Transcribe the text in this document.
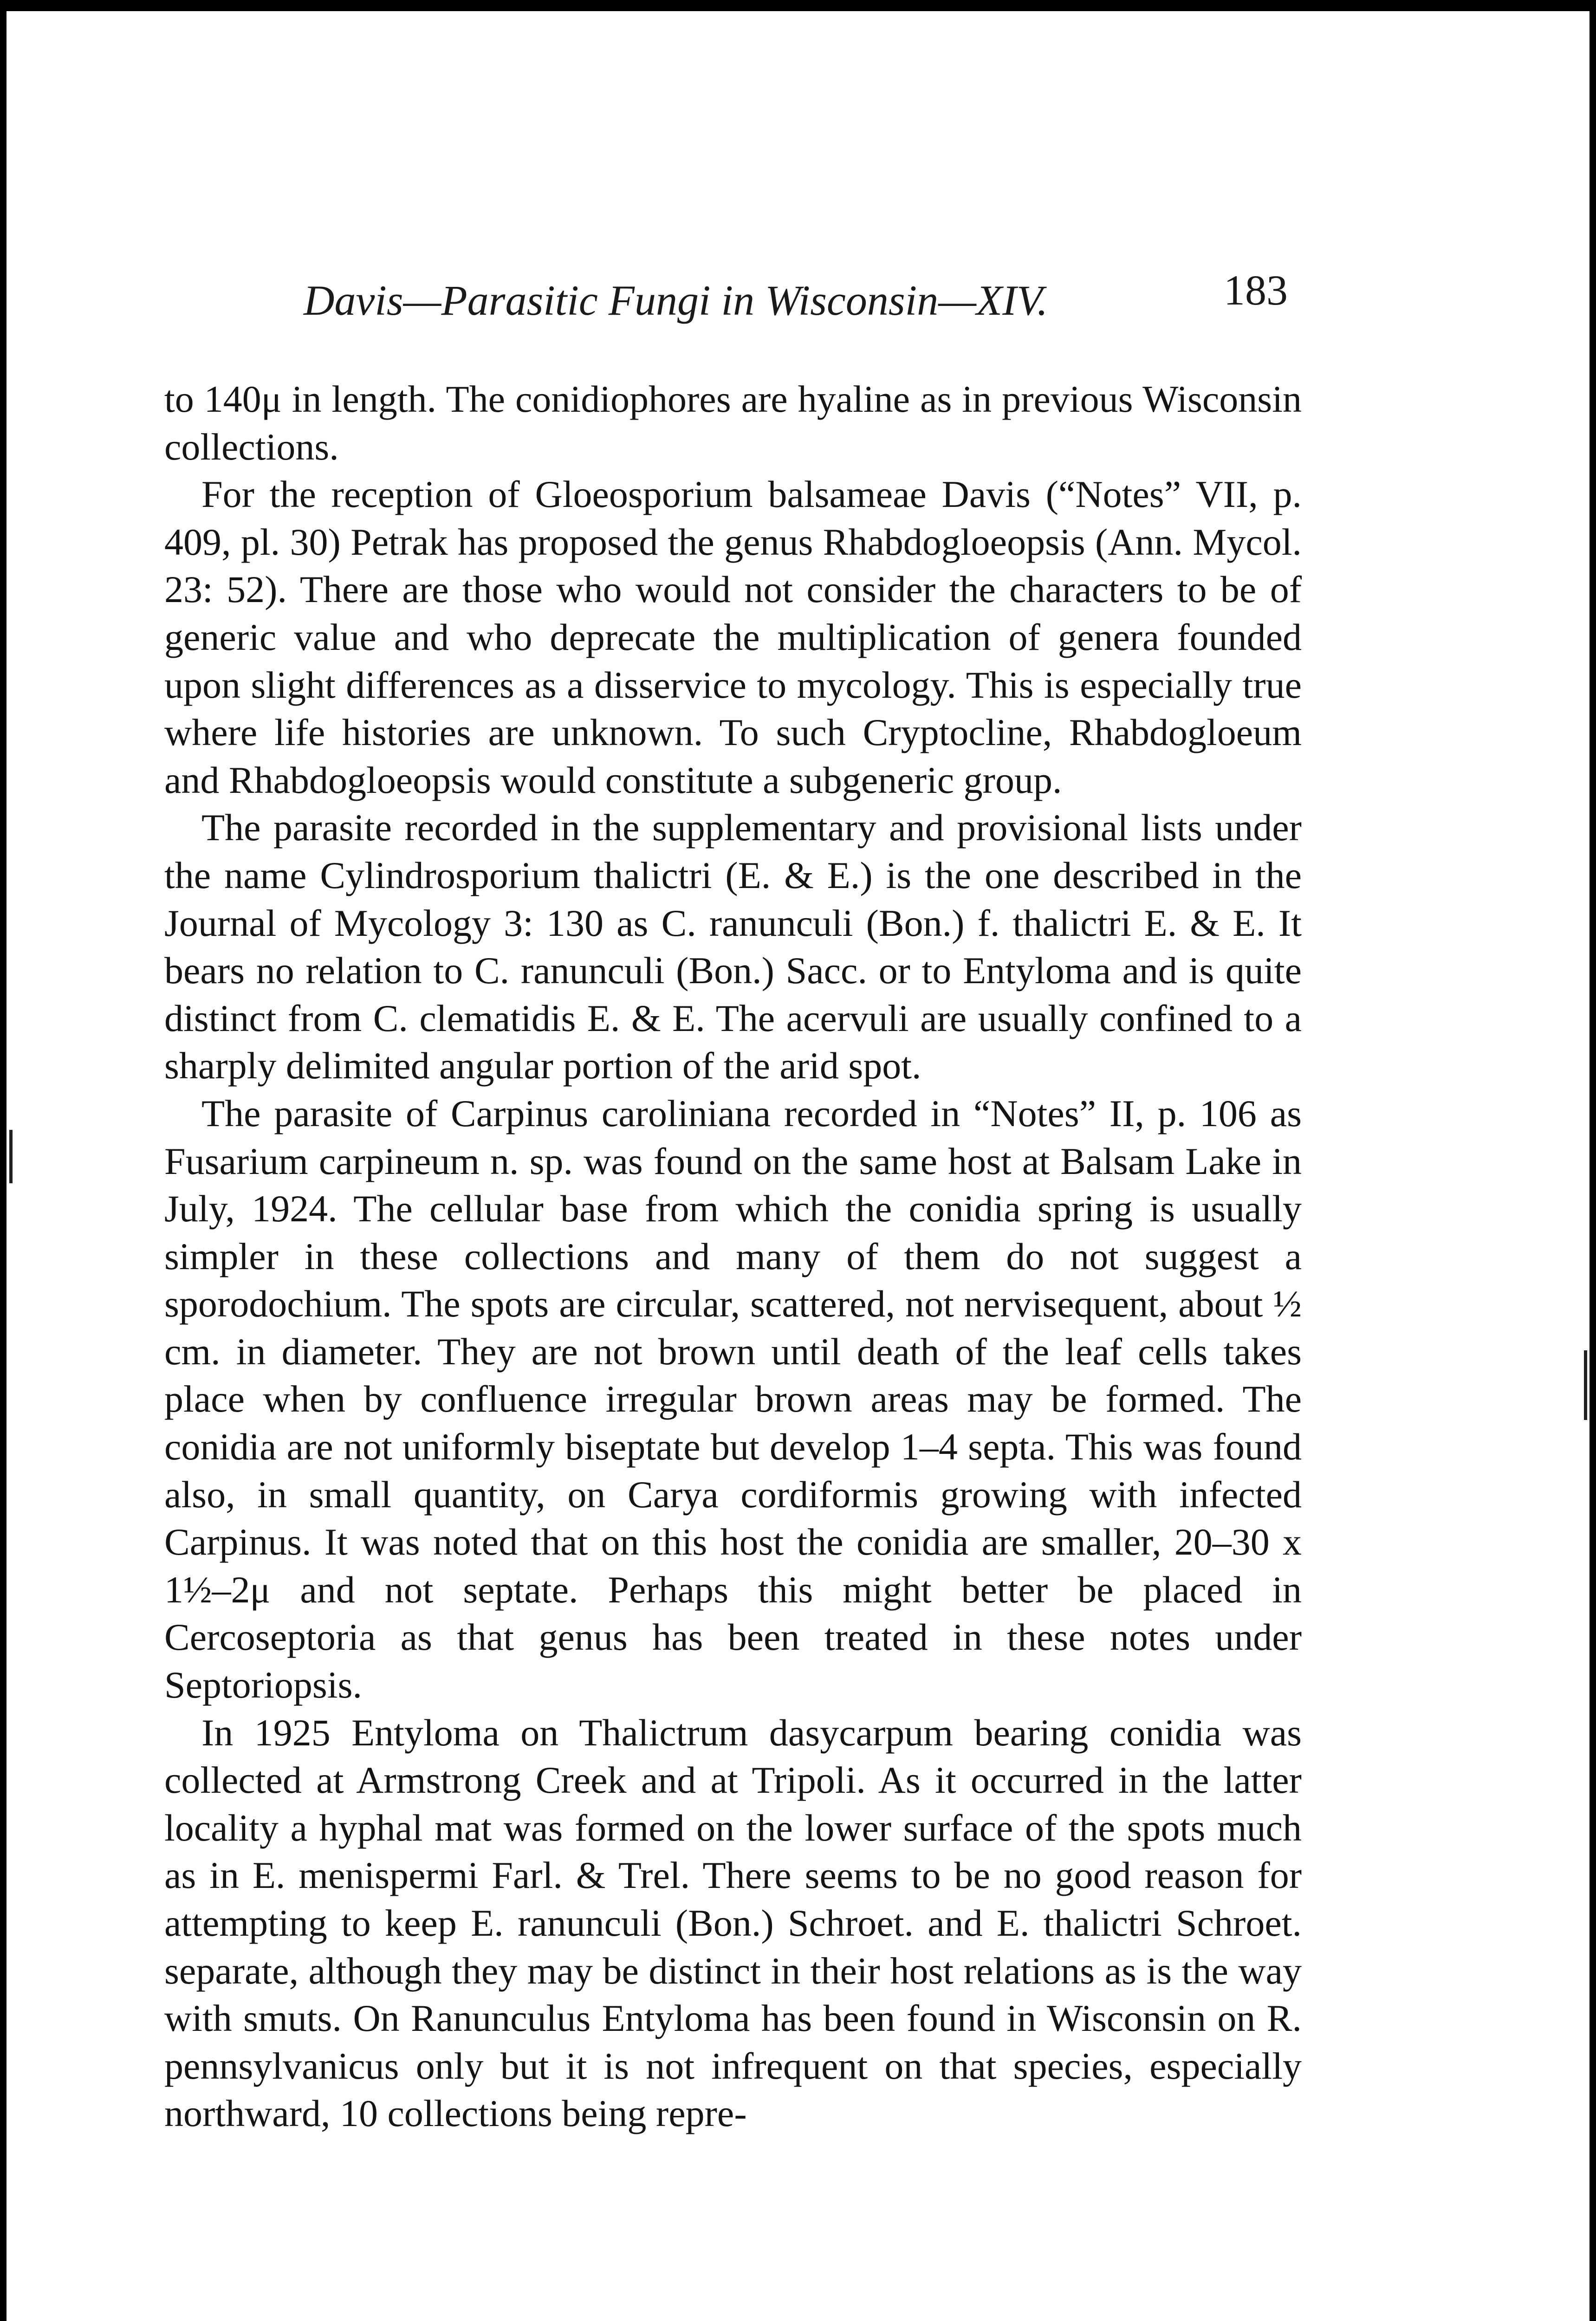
Davis—Parasitic Fungi in Wisconsin—XIV.	183

to 140μ in length. The conidiophores are hyaline as in previous Wisconsin collections.

For the reception of Gloeosporium balsameae Davis (“Notes” VII, p. 409, pl. 30) Petrak has proposed the genus Rhabdogloeopsis (Ann. Mycol. 23: 52). There are those who would not consider the characters to be of generic value and who deprecate the multiplication of genera founded upon slight differences as a disservice to mycology. This is especially true where life histories are unknown. To such Cryptocline, Rhabdogloeum and Rhabdogloeopsis would constitute a subgeneric group.

The parasite recorded in the supplementary and provisional lists under the name Cylindrosporium thalictri (E. & E.) is the one described in the Journal of Mycology 3: 130 as C. ranunculi (Bon.) f. thalictri E. & E. It bears no relation to C. ranunculi (Bon.) Sacc. or to Entyloma and is quite distinct from C. clematidis E. & E. The acervuli are usually confined to a sharply delimited angular portion of the arid spot.

The parasite of Carpinus caroliniana recorded in “Notes” II, p. 106 as Fusarium carpineum n. sp. was found on the same host at Balsam Lake in July, 1924. The cellular base from which the conidia spring is usually simpler in these collections and many of them do not suggest a sporodochium. The spots are circular, scattered, not nervisequent, about ½ cm. in diameter. They are not brown until death of the leaf cells takes place when by confluence irregular brown areas may be formed. The conidia are not uniformly biseptate but develop 1–4 septa. This was found also, in small quantity, on Carya cordiformis growing with infected Carpinus. It was noted that on this host the conidia are smaller, 20–30 x 1½–2μ and not septate. Perhaps this might better be placed in Cercoseptoria as that genus has been treated in these notes under Septoriopsis.

In 1925 Entyloma on Thalictrum dasycarpum bearing conidia was collected at Armstrong Creek and at Tripoli. As it occurred in the latter locality a hyphal mat was formed on the lower surface of the spots much as in E. menispermi Farl. & Trel. There seems to be no good reason for attempting to keep E. ranunculi (Bon.) Schroet. and E. thalictri Schroet. separate, although they may be distinct in their host relations as is the way with smuts. On Ranunculus Entyloma has been found in Wisconsin on R. pennsylvanicus only but it is not infrequent on that species, especially northward, 10 collections being repre-
